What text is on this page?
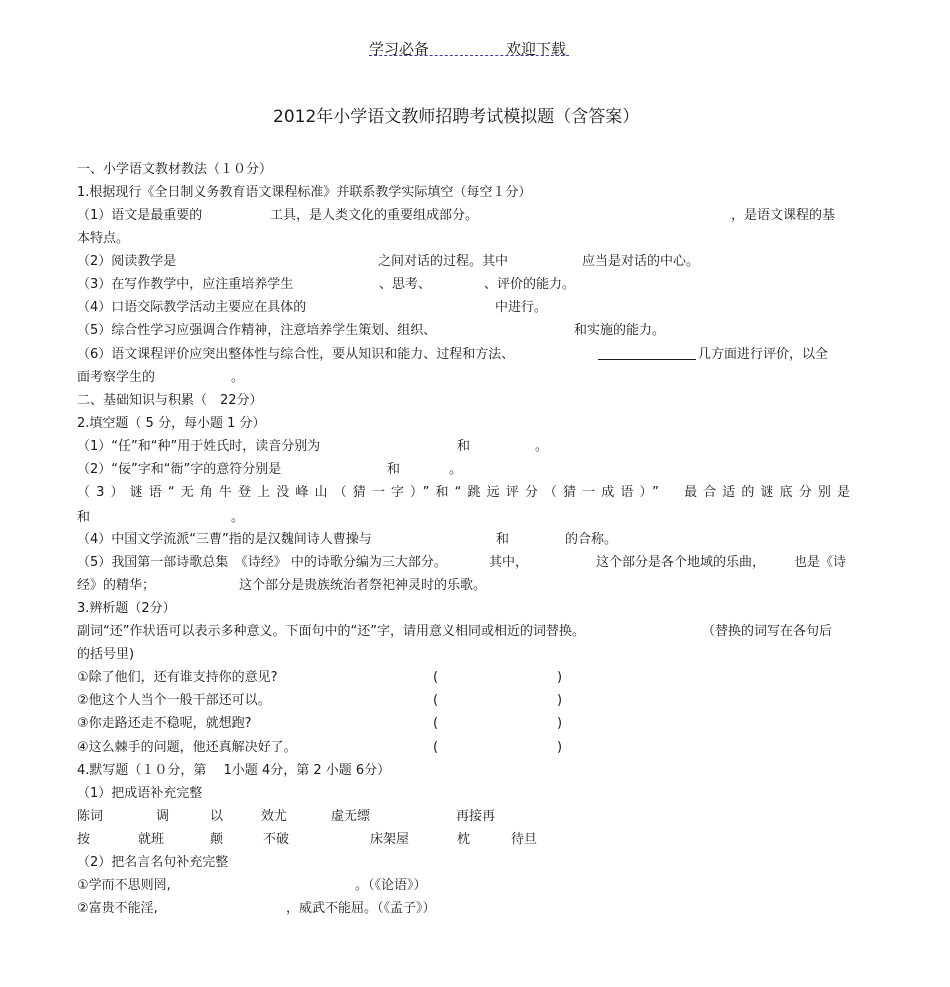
学习必备	欢迎下载
2012年小学语文教师招聘考试模拟题（含答案）
一、小学语文教材教法（１０分）
1.根据现行《全日制义务教育语文课程标准》并联系教学实际填空（每空１分）
（1）语文是最重要的	工具，是人类文化的重要组成部分。	，是语文课程的基
本特点。
（2）阅读教学是	之间对话的过程。其中	应当是对话的中心。
（3）在写作教学中，应注重培养学生	、思考、	、评价的能力。
（4）口语交际教学活动主要应在具体的	中进行。
（5）综合性学习应强调合作精神，注意培养学生策划、组织、	和实施的能力。
（6）语文课程评价应突出整体性与综合性，要从知识和能力、过程和方法、	几方面进行评价，以全
面考察学生的	。
二、基础知识与积累（　22分）
2.填空题（ 5 分，每小题 1 分）
（1）“任”和“种”用于姓氏时，读音分别为	和	。
（2）“佞”字和“衙”字的意符分别是	和	。
（3）谜语“无角牛登上没峰山（猜一字）”和“跳远评分（猜一成语）”　最合适的谜底分别是
和	。
（4）中国文学流派“三曹”指的是汉魏间诗人曹操与	和	的合称。
（5）我国第一部诗歌总集　《诗经》 中的诗歌分编为三大部分。	其中，	这个部分是各个地域的乐曲， 也是《诗
经》的精华；	这个部分是贵族统治者祭祀神灵时的乐歌。
3.辨析题（2分）
副词“还”作状语可以表示多种意义。下面句中的“还”字，请用意义相同或相近的词替换。	（替换的词写在各句后
的括号里)
①除了他们，还有谁支持你的意见?	(	)
②他这个人当个一般干部还可以。	(	)
③你走路还走不稳呢，就想跑?	(	)
④这么棘手的问题，他还真解决好了。	(	)
4.默写题（１０分，第　 1小题 4分，第 2 小题 6分）
（1）把成语补充完整
陈词	调	以	效尤	虚无缥	再接再
按	就班	颠	不破	床架屋	枕	待旦
（2）把名言名句补充完整
①学而不思则罔,	。（《论语》）
②富贵不能淫,	，威武不能屈。（《孟子》）
